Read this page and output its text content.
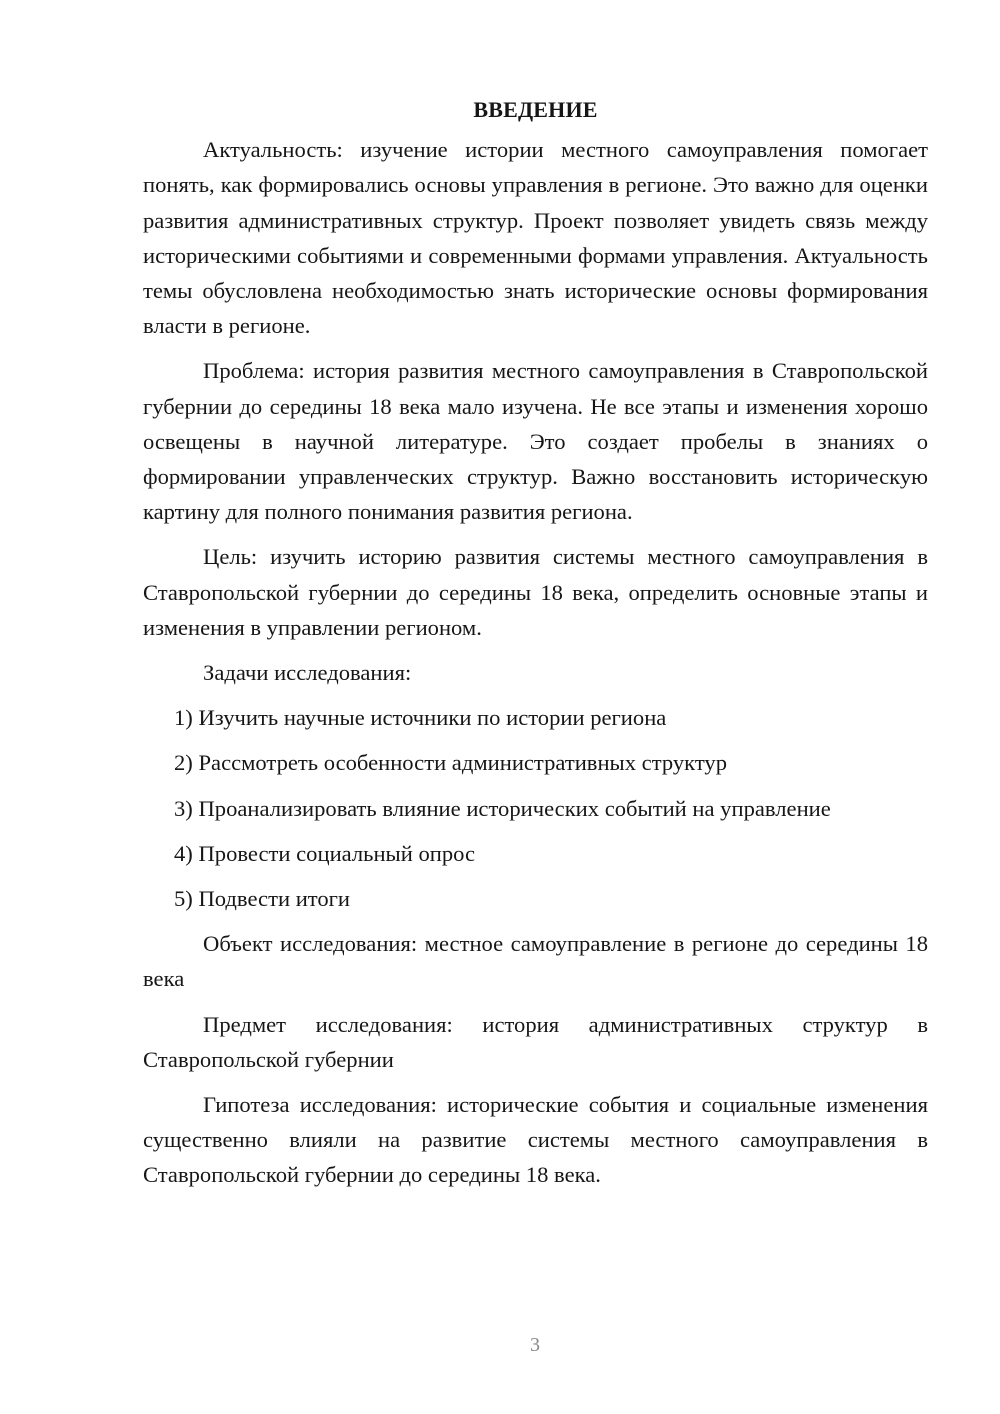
ВВЕДЕНИЕ

Актуальность: изучение истории местного самоуправления помогает понять, как формировались основы управления в регионе. Это важно для оценки развития административных структур. Проект позволяет увидеть связь между историческими событиями и современными формами управления. Актуальность темы обусловлена необходимостью знать исторические основы формирования власти в регионе.

Проблема: история развития местного самоуправления в Ставропольской губернии до середины 18 века мало изучена. Не все этапы и изменения хорошо освещены в научной литературе. Это создает пробелы в знаниях о формировании управленческих структур. Важно восстановить историческую картину для полного понимания развития региона.

Цель: изучить историю развития системы местного самоуправления в Ставропольской губернии до середины 18 века, определить основные этапы и изменения в управлении регионом.

Задачи исследования:

1) Изучить научные источники по истории региона
2) Рассмотреть особенности административных структур
3) Проанализировать влияние исторических событий на управление
4) Провести социальный опрос
5) Подвести итоги

Объект исследования: местное самоуправление в регионе до середины 18 века

Предмет исследования: история административных структур в Ставропольской губернии

Гипотеза исследования: исторические события и социальные изменения существенно влияли на развитие системы местного самоуправления в Ставропольской губернии до середины 18 века.

3
